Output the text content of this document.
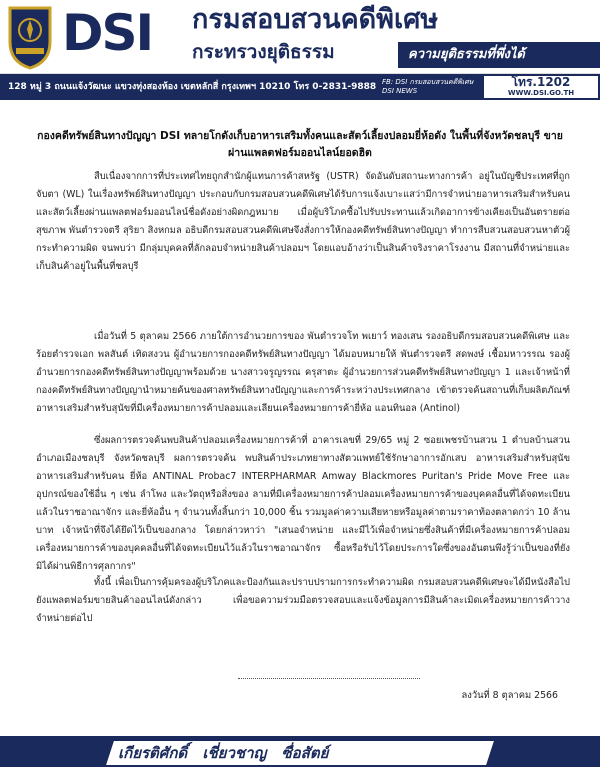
DSI กรมสอบสวนคดีพิเศษ
กระทรวงยุติธรรม	ความยุติธรรมที่พึ่งได้
128 หมู่ 3 ถนนแจ้งวัฒนะ แขวงทุ่งสองห้อง เขตหลักสี่ กรุงเทพฯ 10210 โทร 0-2831-9888 FB: DSI กรมสอบสวนคดีพิเศษ
DSI NEWS
โทร.1202
WWW.DSI.GO.TH
กองคดีทรัพย์สินทางปัญญา DSI ทลายโกดังเก็บอาหารเสริมทั้งคนและสัตว์เลี้ยงปลอมยี่ห้อดัง ในพื้นที่จังหวัดชลบุรี ขายผ่านแพลตฟอร์มออนไลน์ยอดฮิต
สืบเนื่องจากการที่ประเทศไทยถูกสำนักผู้แทนการค้าสหรัฐ (USTR) จัดอันดับสถานะทางการค้า อยู่ในบัญชีประเทศที่ถูกจับตา (WL) ในเรื่องทรัพย์สินทางปัญญา ประกอบกับกรมสอบสวนคดีพิเศษได้รับการแจ้งเบาะแสว่ามีการจำหน่ายอาหารเสริมสำหรับคนและสัตว์เลี้ยงผ่านแพลตฟอร์มออนไลน์ชื่อดังอย่างผิดกฎหมาย เมื่อผู้บริโภคซื้อไปรับประทานแล้วเกิดอาการข้างเคียงเป็นอันตรายต่อสุขภาพ พันตำรวจตรี สุริยา สิงหกมล อธิบดีกรมสอบสวนคดีพิเศษจึงสั่งการให้กองคดีทรัพย์สินทางปัญญา ทำการสืบสวนสอบสวนหาตัวผู้กระทำความผิด จนพบว่า มีกลุ่มบุคคลที่ลักลอบจำหน่ายสินค้าปลอมฯ โดยแอบอ้างว่าเป็นสินค้าจริงราคาโรงงาน มีสถานที่จำหน่ายและเก็บสินค้าอยู่ในพื้นที่ชลบุรี
เมื่อวันที่ 5 ตุลาคม 2566 ภายใต้การอำนวยการของ พันตำรวจโท พเยาว์ ทองเสน รองอธิบดีกรมสอบสวนคดีพิเศษ และร้อยตำรวจเอก พลสันต์ เทิดสงวน ผู้อำนวยการกองคดีทรัพย์สินทางปัญญา ได้มอบหมายให้ พันตำรวจตรี สดพงษ์ เชื้อมหาวรรณ รองผู้อำนวยการกองคดีทรัพย์สินทางปัญญาพร้อมด้วย นางสาวจรูญรรณ ครุสาตะ ผู้อำนวยการส่วนคดีทรัพย์สินทางปัญญา 1 และเจ้าหน้าที่กองคดีทรัพย์สินทางปัญญานำหมายค้นของศาลทรัพย์สินทางปัญญาและการค้าระหว่างประเทศกลาง เข้าตรวจค้นสถานที่เก็บผลิตภัณฑ์อาหารเสริมสำหรับสุนัขที่มีเครื่องหมายการค้าปลอมและเลียนเครื่องหมายการค้ายี่ห้อ แอนทินอล (Antinol)
ซึ่งผลการตรวจค้นพบสินค้าปลอมเครื่องหมายการค้าที่ อาคารเลขที่ 29/65 หมู่ 2 ซอยเพชรบ้านสวน 1 ตำบลบ้านสวน อำเภอเมืองชลบุรี จังหวัดชลบุรี ผลการตรวจค้น พบสินค้าประเภทยาทางสัตวแพทย์ใช้รักษาอาการอักเสบ อาหารเสริมสำหรับสุนัข อาหารเสริมสำหรับคน ยี่ห้อ ANTINAL Probac7 INTERPHARMAR Amway Blackmores Puritan's Pride Move Free และอุปกรณ์ของใช้อื่น ๆ เช่น ลำโพง และวัตถุหรือสิ่งของ ลามที่มีเครื่องหมายการค้าปลอมเครื่องหมายการค้าของบุคคลอื่นที่ได้จดทะเบียนแล้วในราชอาณาจักร และยี่ห้ออื่น ๆ จำนวนทั้งสิ้นกว่า 10,000 ชิ้น รวมมูลค่าความเสียหายหรือมูลค่าตามราคาท้องตลาดกว่า 10 ล้านบาท เจ้าหน้าที่จึงได้ยึดไว้เป็นของกลาง โดยกล่าวหาว่า "เสนอจำหน่าย และมีไว้เพื่อจำหน่ายซึ่งสินค้าที่มีเครื่องหมายการค้าปลอมเครื่องหมายการค้าของบุคคลอื่นที่ได้จดทะเบียนไว้แล้วในราชอาณาจักร ซื้อหรือรับไว้โดยประการใดซึ่งของอันตนพึงรู้ว่าเป็นของที่ยังมิได้ผ่านพิธีการศุลกากร"
ทั้งนี้ เพื่อเป็นการคุ้มครองผู้บริโภคและป้องกันและปราบปรามการกระทำความผิด กรมสอบสวนคดีพิเศษจะได้มีหนังสือไปยังแพลตฟอร์มขายสินค้าออนไลน์ดังกล่าว เพื่อขอความร่วมมือตรวจสอบและแจ้งข้อมูลการมีสินค้าละเมิดเครื่องหมายการค้าวางจำหน่ายต่อไป
ลงวันที่ 8 ตุลาคม 2566
เกียรติศักดิ์ เชี่ยวชาญ ซื่อสัตย์
